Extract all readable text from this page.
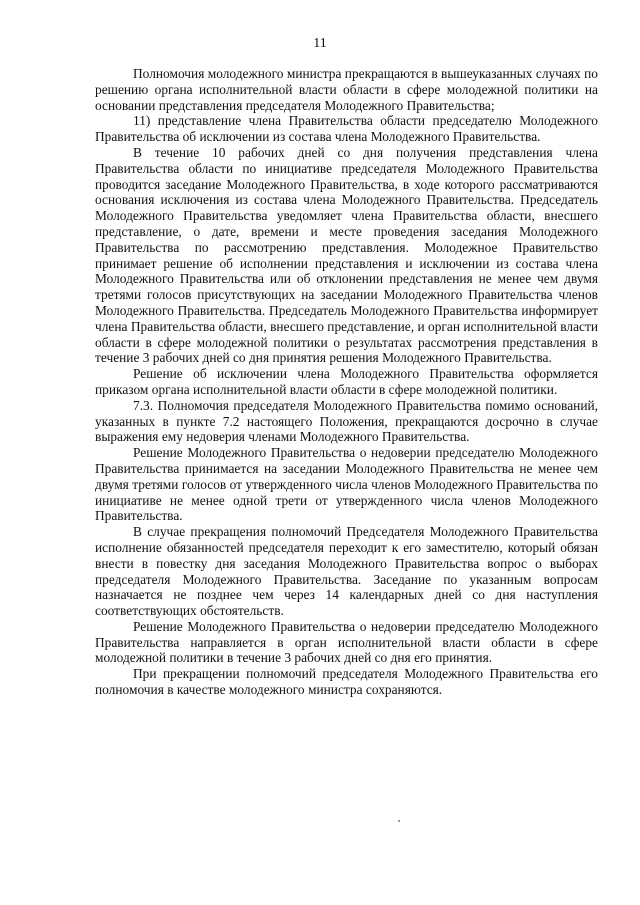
11

Полномочия молодежного министра прекращаются в вышеуказанных случаях по решению органа исполнительной власти области в сфере молодежной политики на основании представления председателя Молодежного Правительства;

11) представление члена Правительства области председателю Молодежного Правительства об исключении из состава члена Молодежного Правительства.

В течение 10 рабочих дней со дня получения представления члена Правительства области по инициативе председателя Молодежного Правительства проводится заседание Молодежного Правительства, в ходе которого рассматриваются основания исключения из состава члена Молодежного Правительства. Председатель Молодежного Правительства уведомляет члена Правительства области, внесшего представление, о дате, времени и месте проведения заседания Молодежного Правительства по рассмотрению представления. Молодежное Правительство принимает решение об исполнении представления и исключении из состава члена Молодежного Правительства или об отклонении представления не менее чем двумя третями голосов присутствующих на заседании Молодежного Правительства членов Молодежного Правительства. Председатель Молодежного Правительства информирует члена Правительства области, внесшего представление, и орган исполнительной власти области в сфере молодежной политики о результатах рассмотрения представления в течение 3 рабочих дней со дня принятия решения Молодежного Правительства.

Решение об исключении члена Молодежного Правительства оформляется приказом органа исполнительной власти области в сфере молодежной политики.

7.3. Полномочия председателя Молодежного Правительства помимо оснований, указанных в пункте 7.2 настоящего Положения, прекращаются досрочно в случае выражения ему недоверия членами Молодежного Правительства.

Решение Молодежного Правительства о недоверии председателю Молодежного Правительства принимается на заседании Молодежного Правительства не менее чем двумя третями голосов от утвержденного числа членов Молодежного Правительства по инициативе не менее одной трети от утвержденного числа членов Молодежного Правительства.

В случае прекращения полномочий Председателя Молодежного Правительства исполнение обязанностей председателя переходит к его заместителю, который обязан внести в повестку дня заседания Молодежного Правительства вопрос о выборах председателя Молодежного Правительства. Заседание по указанным вопросам назначается не позднее чем через 14 календарных дней со дня наступления соответствующих обстоятельств.

Решение Молодежного Правительства о недоверии председателю Молодежного Правительства направляется в орган исполнительной власти области в сфере молодежной политики в течение 3 рабочих дней со дня его принятия.

При прекращении полномочий председателя Молодежного Правительства его полномочия в качестве молодежного министра сохраняются.
